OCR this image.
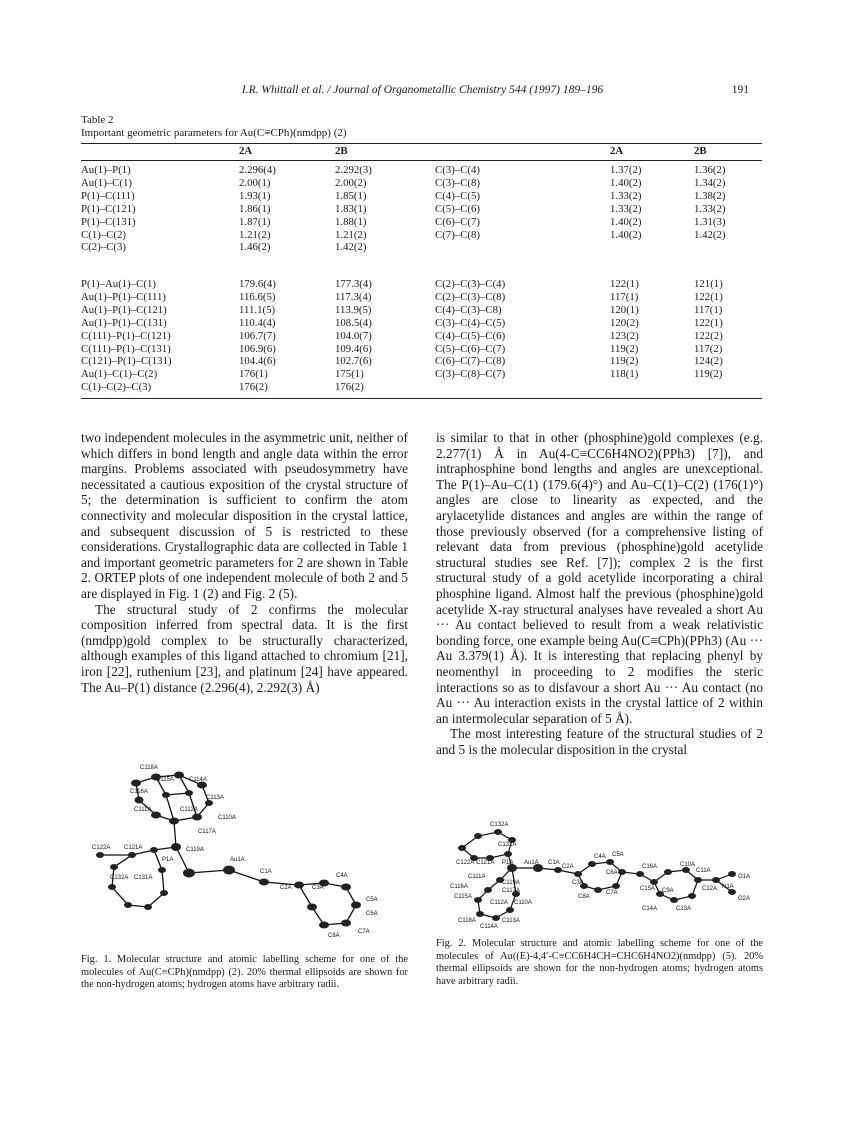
I.R. Whittall et al. / Journal of Organometallic Chemistry 544 (1997) 189–196	191
Table 2
Important geometric parameters for Au(C≡CPh)(nmdpp) (2)
	2A	2B		2A	2B
Au(1)–P(1)	2.296(4)	2.292(3)	C(3)–C(4)	1.37(2)	1.36(2)
Au(1)–C(1)	2.00(1)	2.00(2)	C(3)–C(8)	1.40(2)	1.34(2)
P(1)–C(111)	1.93(1)	1.85(1)	C(4)–C(5)	1.33(2)	1.38(2)
P(1)–C(121)	1.86(1)	1.83(1)	C(5)–C(6)	1.33(2)	1.33(2)
P(1)–C(131)	1.87(1)	1.88(1)	C(6)–C(7)	1.40(2)	1.31(3)
C(1)–C(2)	1.21(2)	1.21(2)	C(7)–C(8)	1.40(2)	1.42(2)
C(2)–C(3)	1.46(2)	1.42(2)			
P(1)–Au(1)–C(1)	179.6(4)	177.3(4)	C(2)–C(3)–C(4)	122(1)	121(1)
Au(1)–P(1)–C(111)	116.6(5)	117.3(4)	C(2)–C(3)–C(8)	117(1)	122(1)
Au(1)–P(1)–C(121)	111.1(5)	113.9(5)	C(4)–C(3)–C8)	120(1)	117(1)
Au(1)–P(1)–C(131)	110.4(4)	108.5(4)	C(3)–C(4)–C(5)	120(2)	122(1)
C(111)–P(1)–C(121)	106.7(7)	104.0(7)	C(4)–C(5)–C(6)	123(2)	122(2)
C(111)–P(1)–C(131)	106.9(6)	109.4(6)	C(5)–C(6)–C(7)	119(2)	117(2)
C(121)–P(1)–C(131)	104.4(6)	102.7(6)	C(6)–C(7)–C(8)	119(2)	124(2)
Au(1)–C(1)–C(2)	176(1)	175(1)	C(3)–C(8)–C(7)	118(1)	119(2)
C(1)–C(2)–C(3)	176(2)	176(2)			

two independent molecules in the asymmetric unit, neither of which differs in bond length and angle data within the error margins. Problems associated with pseudosymmetry have necessitated a cautious exposition of the crystal structure of 5; the determination is sufficient to confirm the atom connectivity and molecular disposition in the crystal lattice, and subsequent discussion of 5 is restricted to these considerations. Crystallographic data are collected in Table 1 and important geometric parameters for 2 are shown in Table 2. ORTEP plots of one independent molecule of both 2 and 5 are displayed in Fig. 1 (2) and Fig. 2 (5).

The structural study of 2 confirms the molecular composition inferred from spectral data. It is the first (nmdpp)gold complex to be structurally characterized, although examples of this ligand attached to chromium [21], iron [22], ruthenium [23], and platinum [24] have appeared. The Au–P(1) distance (2.296(4), 2.292(3) Å)

is similar to that in other (phosphine)gold complexes (e.g. 2.277(1) Å in Au(4-C≡CC6H4NO2)(PPh3) [7]), and intraphosphine bond lengths and angles are unexceptional. The P(1)–Au–C(1) (179.6(4)°) and Au–C(1)–C(2) (176(1)°) angles are close to linearity as expected, and the arylacetylide distances and angles are within the range of those previously observed (for a comprehensive listing of relevant data from previous (phosphine)gold acetylide structural studies see Ref. [7]); complex 2 is the first structural study of a gold acetylide incorporating a chiral phosphine ligand. Almost half the previous (phosphine)gold acetylide X-ray structural analyses have revealed a short Au ··· Au contact believed to result from a weak relativistic bonding force, one example being Au(C≡CPh)(PPh3) (Au ··· Au 3.379(1) Å). It is interesting that replacing phenyl by neomenthyl in proceeding to 2 modifies the steric interactions so as to disfavour a short Au ··· Au contact (no Au ··· Au interaction exists in the crystal lattice of 2 within an intermolecular separation of 5 Å).

The most interesting feature of the structural studies of 2 and 5 is the molecular disposition in the crystal

C118A
C115A	C114A
C116A
C113A
C111A	C112A
C110A
C117A
C119A
C122A C121A
P1A	Au1A
C1A
C2A	C3A
C4A
C5A
C6A
C7A
C8A
C132A C131A

Fig. 1. Molecular structure and atomic labelling scheme for one of the molecules of Au(C≡CPh)(nmdpp) (2). 20% thermal ellipsoids are shown for the non-hydrogen atoms; hydrogen atoms have arbitrary radii.

C132A
C131A
C122A C121A P1A Au1A C1A
C2A
C3A
C4A C5A
C6A
C7A
C8A
C9A
C10A
C11A
C12A
C13A
C14A
C15A
C16A
O1A
N1A
O2A
C111A
C119A
C117A
C116A
C115A
C112A C110A
C118A	C113A
C114A

Fig. 2. Molecular structure and atomic labelling scheme for one of the molecules of Au((E)-4,4′-C≡CC6H4CH=CHC6H4NO2)(nmdpp) (5). 20% thermal ellipsoids are shown for the non-hydrogen atoms; hydrogen atoms have arbitrary radii.
